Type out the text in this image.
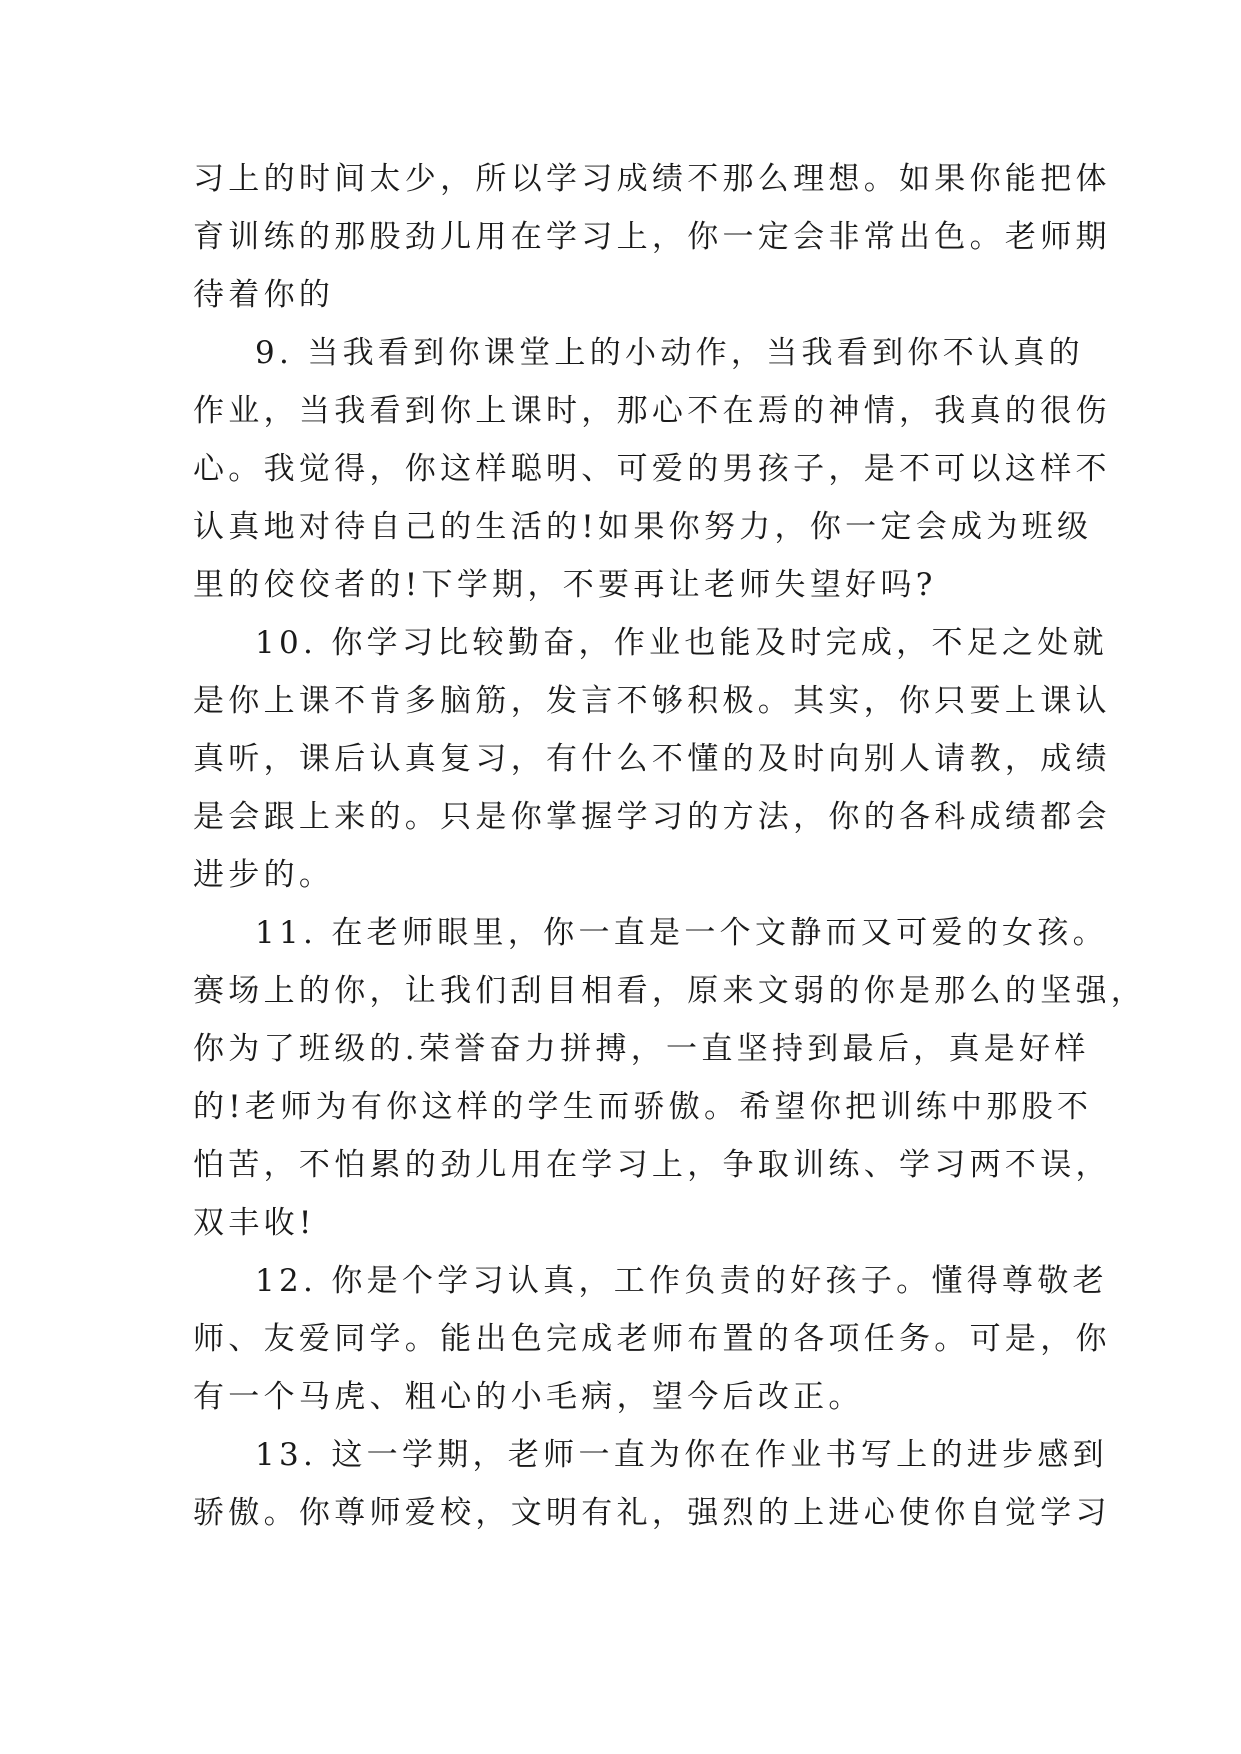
习上的时间太少，所以学习成绩不那么理想。如果你能把体
育训练的那股劲儿用在学习上，你一定会非常出色。老师期
待着你的
9. 当我看到你课堂上的小动作，当我看到你不认真的
作业，当我看到你上课时，那心不在焉的神情，我真的很伤
心。我觉得，你这样聪明、可爱的男孩子，是不可以这样不
认真地对待自己的生活的!如果你努力，你一定会成为班级
里的佼佼者的!下学期，不要再让老师失望好吗?
10. 你学习比较勤奋，作业也能及时完成，不足之处就
是你上课不肯多脑筋，发言不够积极。其实，你只要上课认
真听，课后认真复习，有什么不懂的及时向别人请教，成绩
是会跟上来的。只是你掌握学习的方法，你的各科成绩都会
进步的。
11. 在老师眼里，你一直是一个文静而又可爱的女孩。
赛场上的你，让我们刮目相看，原来文弱的你是那么的坚强，
你为了班级的.荣誉奋力拼搏，一直坚持到最后，真是好样
的!老师为有你这样的学生而骄傲。希望你把训练中那股不
怕苦，不怕累的劲儿用在学习上，争取训练、学习两不误，
双丰收!
12. 你是个学习认真，工作负责的好孩子。懂得尊敬老
师、友爱同学。能出色完成老师布置的各项任务。可是，你
有一个马虎、粗心的小毛病，望今后改正。
13. 这一学期，老师一直为你在作业书写上的进步感到
骄傲。你尊师爱校，文明有礼，强烈的上进心使你自觉学习
